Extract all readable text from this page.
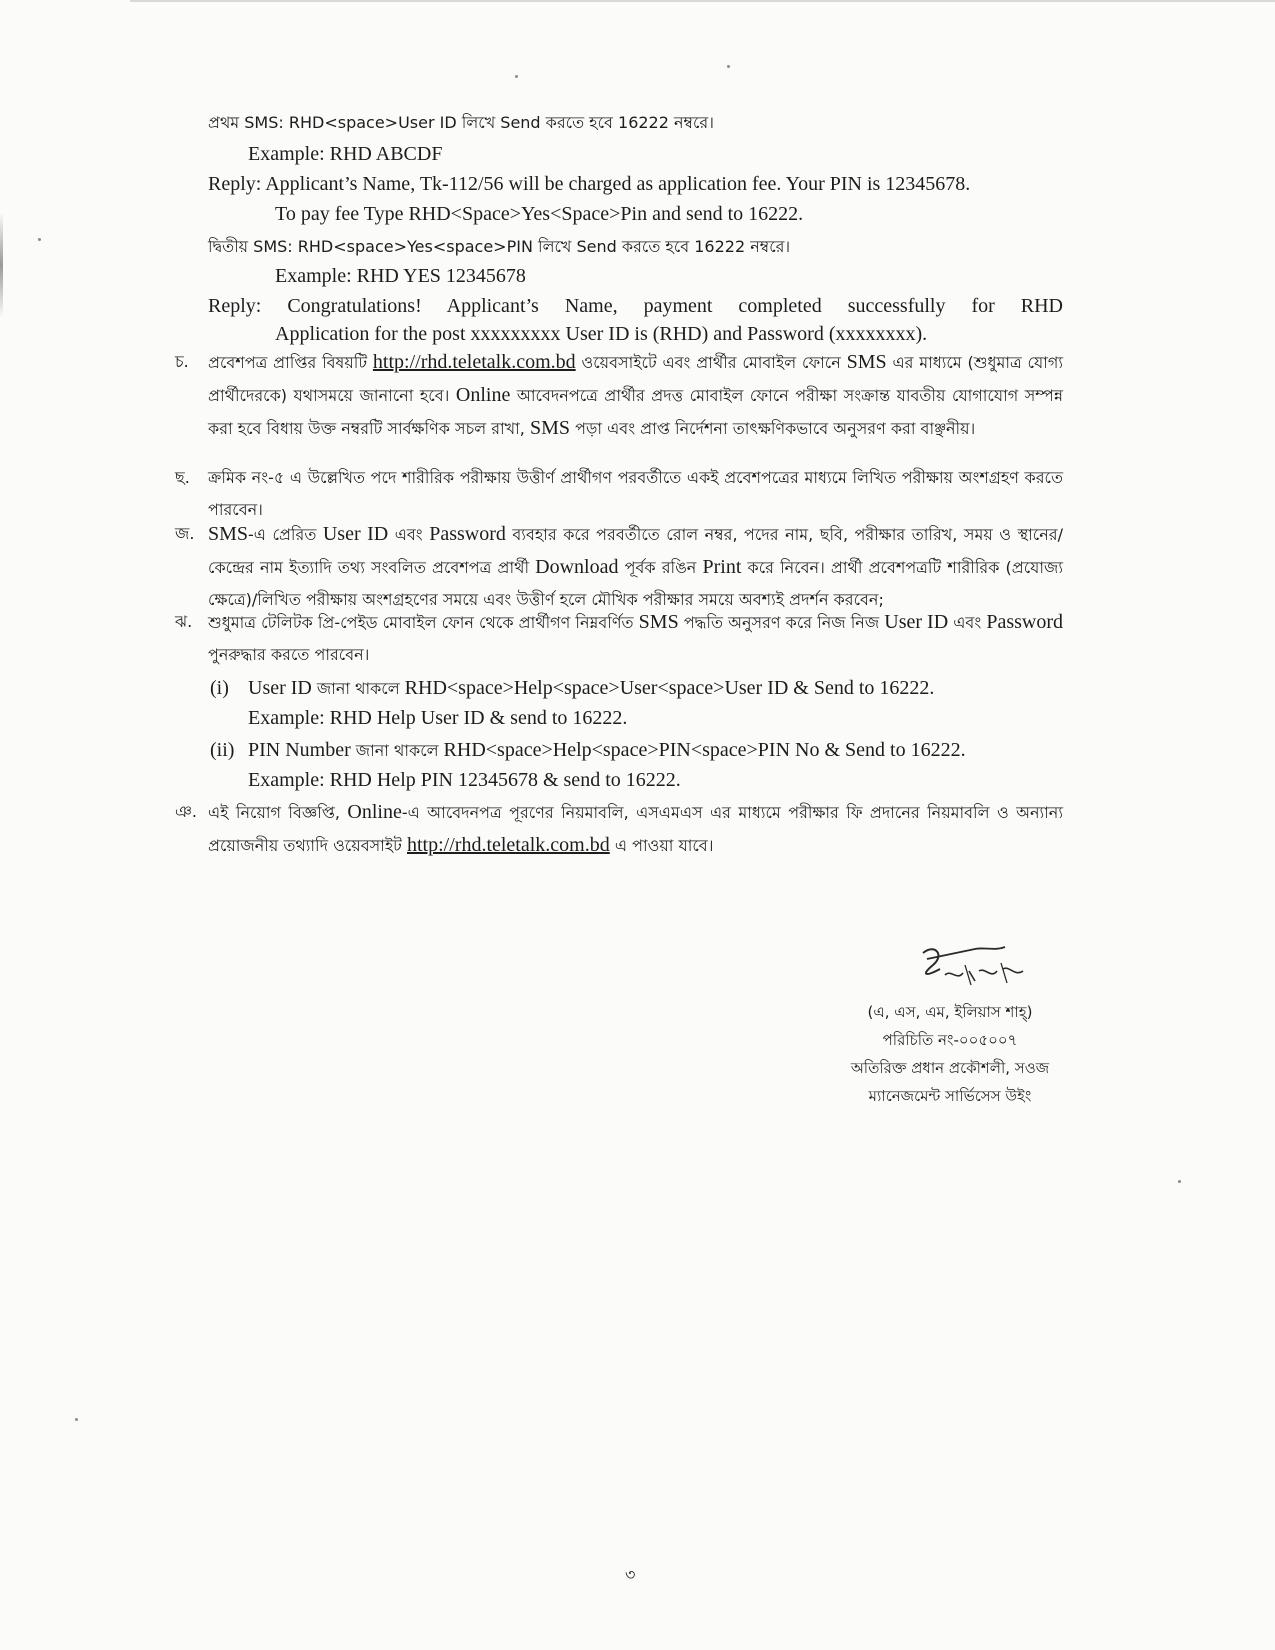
প্রথম SMS: RHD<space>User ID লিখে Send করতে হবে 16222 নম্বরে।
Example: RHD ABCDF
Reply: Applicant’s Name, Tk-112/56 will be charged as application fee. Your PIN is 12345678.
To pay fee Type RHD<Space>Yes<Space>Pin and send to 16222.
দ্বিতীয় SMS: RHD<space>Yes<space>PIN লিখে Send করতে হবে 16222 নম্বরে।
Example: RHD YES 12345678
Reply: Congratulations! Applicant’s Name, payment completed successfully for RHD
Application for the post xxxxxxxxx User ID is (RHD) and Password (xxxxxxxx).
চ. প্রবেশপত্র প্রাপ্তির বিষয়টি http://rhd.teletalk.com.bd ওয়েবসাইটে এবং প্রার্থীর মোবাইল ফোনে SMS এর মাধ্যমে (শুধুমাত্র যোগ্য প্রার্থীদেরকে) যথাসময়ে জানানো হবে। Online আবেদনপত্রে প্রার্থীর প্রদত্ত মোবাইল ফোনে পরীক্ষা সংক্রান্ত যাবতীয় যোগাযোগ সম্পন্ন করা হবে বিধায় উক্ত নম্বরটি সার্বক্ষণিক সচল রাখা, SMS পড়া এবং প্রাপ্ত নির্দেশনা তাৎক্ষণিকভাবে অনুসরণ করা বাঞ্ছনীয়।
ছ. ক্রমিক নং-৫ এ উল্লেখিত পদে শারীরিক পরীক্ষায় উত্তীর্ণ প্রার্থীগণ পরবর্তীতে একই প্রবেশপত্রের মাধ্যমে লিখিত পরীক্ষায় অংশগ্রহণ করতে পারবেন।
জ. SMS-এ প্রেরিত User ID এবং Password ব্যবহার করে পরবর্তীতে রোল নম্বর, পদের নাম, ছবি, পরীক্ষার তারিখ, সময় ও স্থানের/কেন্দ্রের নাম ইত্যাদি তথ্য সংবলিত প্রবেশপত্র প্রার্থী Download পূর্বক রঙিন Print করে নিবেন। প্রার্থী প্রবেশপত্রটি শারীরিক (প্রযোজ্য ক্ষেত্রে)/লিখিত পরীক্ষায় অংশগ্রহণের সময়ে এবং উত্তীর্ণ হলে মৌখিক পরীক্ষার সময়ে অবশ্যই প্রদর্শন করবেন;
ঝ. শুধুমাত্র টেলিটক প্রি-পেইড মোবাইল ফোন থেকে প্রার্থীগণ নিম্নবর্ণিত SMS পদ্ধতি অনুসরণ করে নিজ নিজ User ID এবং Password পুনরুদ্ধার করতে পারবেন।
(i) User ID জানা থাকলে RHD<space>Help<space>User<space>User ID & Send to 16222.
Example: RHD Help User ID & send to 16222.
(ii) PIN Number জানা থাকলে RHD<space>Help<space>PIN<space>PIN No & Send to 16222.
Example: RHD Help PIN 12345678 & send to 16222.
ঞ. এই নিয়োগ বিজ্ঞপ্তি, Online-এ আবেদনপত্র পূরণের নিয়মাবলি, এসএমএস এর মাধ্যমে পরীক্ষার ফি প্রদানের নিয়মাবলি ও অন্যান্য প্রয়োজনীয় তথ্যাদি ওয়েবসাইট http://rhd.teletalk.com.bd এ পাওয়া যাবে।
(এ, এস, এম, ইলিয়াস শাহ্)
পরিচিতি নং-০০৫০০৭
অতিরিক্ত প্রধান প্রকৌশলী, সওজ
ম্যানেজমেন্ট সার্ভিসেস উইং
৩
